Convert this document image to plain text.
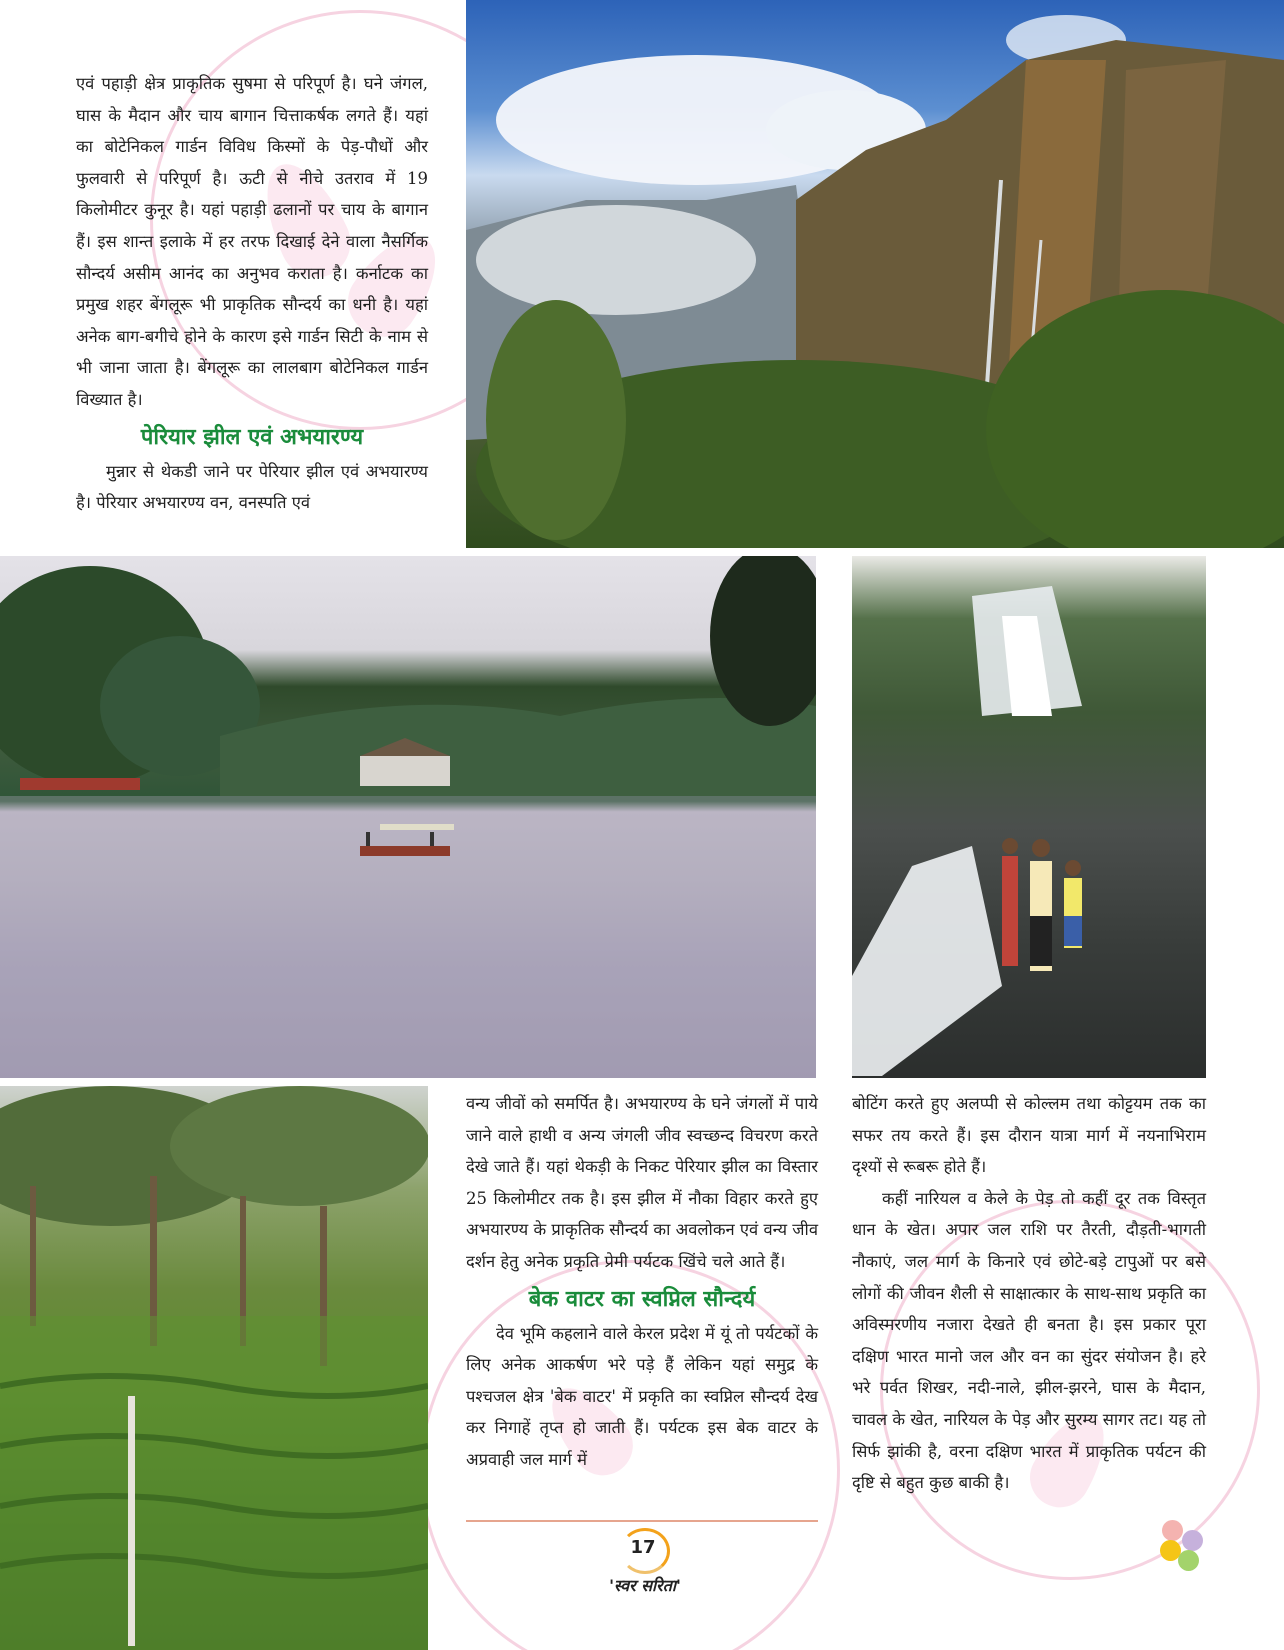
एवं पहाड़ी क्षेत्र प्राकृतिक सुषमा से परिपूर्ण है। घने जंगल, घास के मैदान और चाय बागान चित्ताकर्षक लगते हैं। यहां का बोटेनिकल गार्डन विविध किस्मों के पेड़-पौधों और फुलवारी से परिपूर्ण है। ऊटी से नीचे उतराव में 19 किलोमीटर कुनूर है। यहां पहाड़ी ढलानों पर चाय के बागान हैं। इस शान्त इलाके में हर तरफ दिखाई देने वाला नैसर्गिक सौन्दर्य असीम आनंद का अनुभव कराता है। कर्नाटक का प्रमुख शहर बेंगलूरू भी प्राकृतिक सौन्दर्य का धनी है। यहां अनेक बाग-बगीचे होने के कारण इसे गार्डन सिटी के नाम से भी जाना जाता है। बेंगलूरू का लालबाग बोटेनिकल गार्डन विख्यात है।

पेरियार झील एवं अभयारण्य

मुन्नार से थेकडी जाने पर पेरियार झील एवं अभयारण्य है। पेरियार अभयारण्य वन, वनस्पति एवं

वन्य जीवों को समर्पित है। अभयारण्य के घने जंगलों में पाये जाने वाले हाथी व अन्य जंगली जीव स्वच्छन्द विचरण करते देखे जाते हैं। यहां थेकड़ी के निकट पेरियार झील का विस्तार 25 किलोमीटर तक है। इस झील में नौका विहार करते हुए अभयारण्य के प्राकृतिक सौन्दर्य का अवलोकन एवं वन्य जीव दर्शन हेतु अनेक प्रकृति प्रेमी पर्यटक खिंचे चले आते हैं।

बेक वाटर का स्वप्निल सौन्दर्य

देव भूमि कहलाने वाले केरल प्रदेश में यूं तो पर्यटकों के लिए अनेक आकर्षण भरे पड़े हैं लेकिन यहां समुद्र के पश्चजल क्षेत्र 'बेक वाटर' में प्रकृति का स्वप्निल सौन्दर्य देख कर निगाहें तृप्त हो जाती हैं। पर्यटक इस बेक वाटर के अप्रवाही जल मार्ग में

बोटिंग करते हुए अलप्पी से कोल्लम तथा कोट्टयम तक का सफर तय करते हैं। इस दौरान यात्रा मार्ग में नयनाभिराम दृश्यों से रूबरू होते हैं।

कहीं नारियल व केले के पेड़ तो कहीं दूर तक विस्तृत धान के खेत। अपार जल राशि पर तैरती, दौड़ती-भागती नौकाएं, जल मार्ग के किनारे एवं छोटे-बड़े टापुओं पर बसे लोगों की जीवन शैली से साक्षात्कार के साथ-साथ प्रकृति का अविस्मरणीय नजारा देखते ही बनता है। इस प्रकार पूरा दक्षिण भारत मानो जल और वन का सुंदर संयोजन है। हरे भरे पर्वत शिखर, नदी-नाले, झील-झरने, घास के मैदान, चावल के खेत, नारियल के पेड़ और सुरम्य सागर तट। यह तो सिर्फ झांकी है, वरना दक्षिण भारत में प्राकृतिक पर्यटन की दृष्टि से बहुत कुछ बाकी है।

17
'स्वर सरिता'
